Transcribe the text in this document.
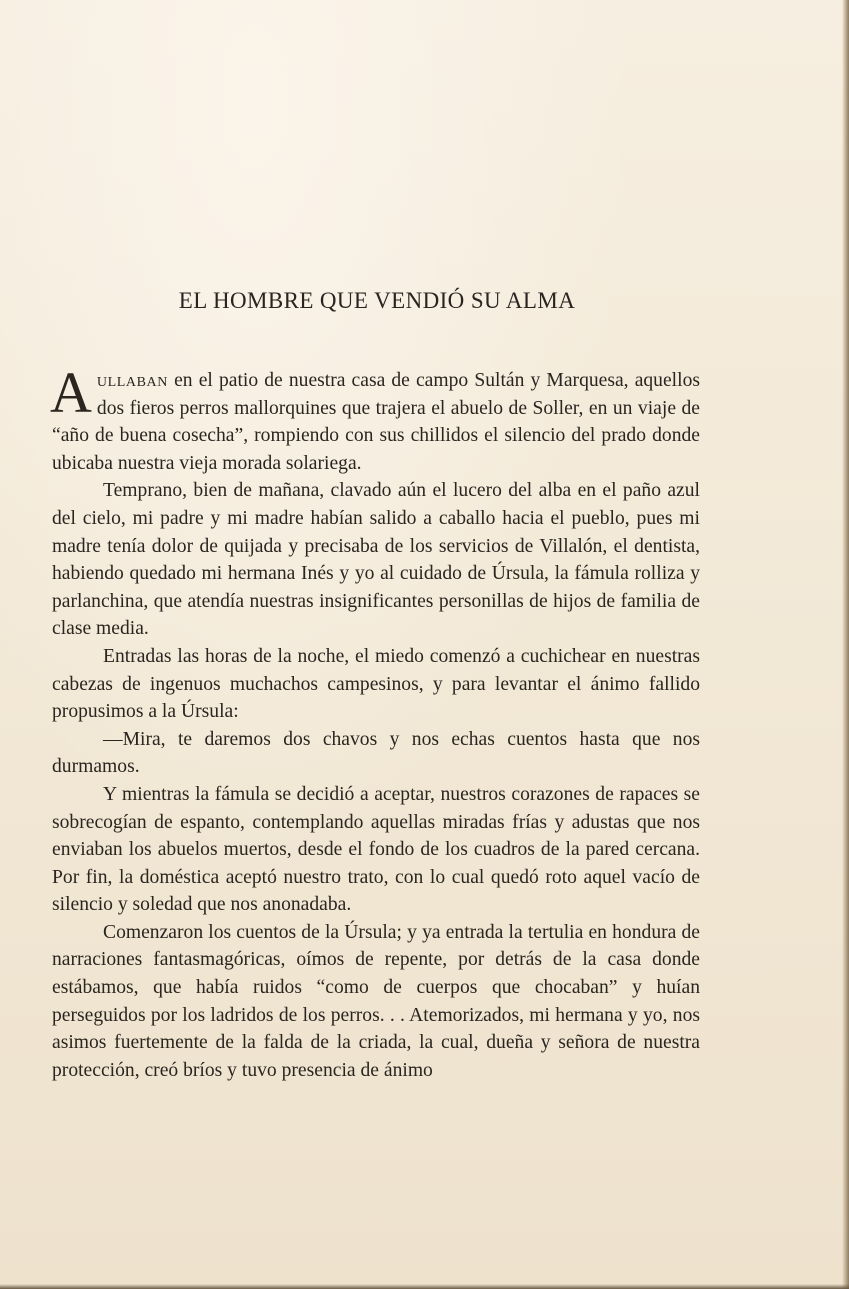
EL HOMBRE QUE VENDIÓ SU ALMA

Aullaban en el patio de nuestra casa de campo Sultán y Marquesa, aquellos dos fieros perros mallorquines que trajera el abuelo de Soller, en un viaje de “año de buena cosecha”, rompiendo con sus chillidos el silencio del prado donde ubicaba nuestra vieja morada solariega.

Temprano, bien de mañana, clavado aún el lucero del alba en el paño azul del cielo, mi padre y mi madre habían salido a caballo hacia el pueblo, pues mi madre tenía dolor de quijada y precisaba de los servicios de Villalón, el dentista, habiendo quedado mi hermana Inés y yo al cuidado de Úrsula, la fámula rolliza y parlanchina, que atendía nuestras insignificantes personillas de hijos de familia de clase media.

Entradas las horas de la noche, el miedo comenzó a cuchichear en nuestras cabezas de ingenuos muchachos campesinos, y para levantar el ánimo fallido propusimos a la Úrsula:

—Mira, te daremos dos chavos y nos echas cuentos hasta que nos durmamos.

Y mientras la fámula se decidió a aceptar, nuestros corazones de rapaces se sobrecogían de espanto, contemplando aquellas miradas frías y adustas que nos enviaban los abuelos muertos, desde el fondo de los cuadros de la pared cercana. Por fin, la doméstica aceptó nuestro trato, con lo cual quedó roto aquel vacío de silencio y soledad que nos anonadaba.

Comenzaron los cuentos de la Úrsula; y ya entrada la tertulia en hondura de narraciones fantasmagóricas, oímos de repente, por detrás de la casa donde estábamos, que había ruidos “como de cuerpos que chocaban” y huían perseguidos por los ladridos de los perros. . . Atemorizados, mi hermana y yo, nos asimos fuertemente de la falda de la criada, la cual, dueña y señora de nuestra protección, creó bríos y tuvo presencia de ánimo
